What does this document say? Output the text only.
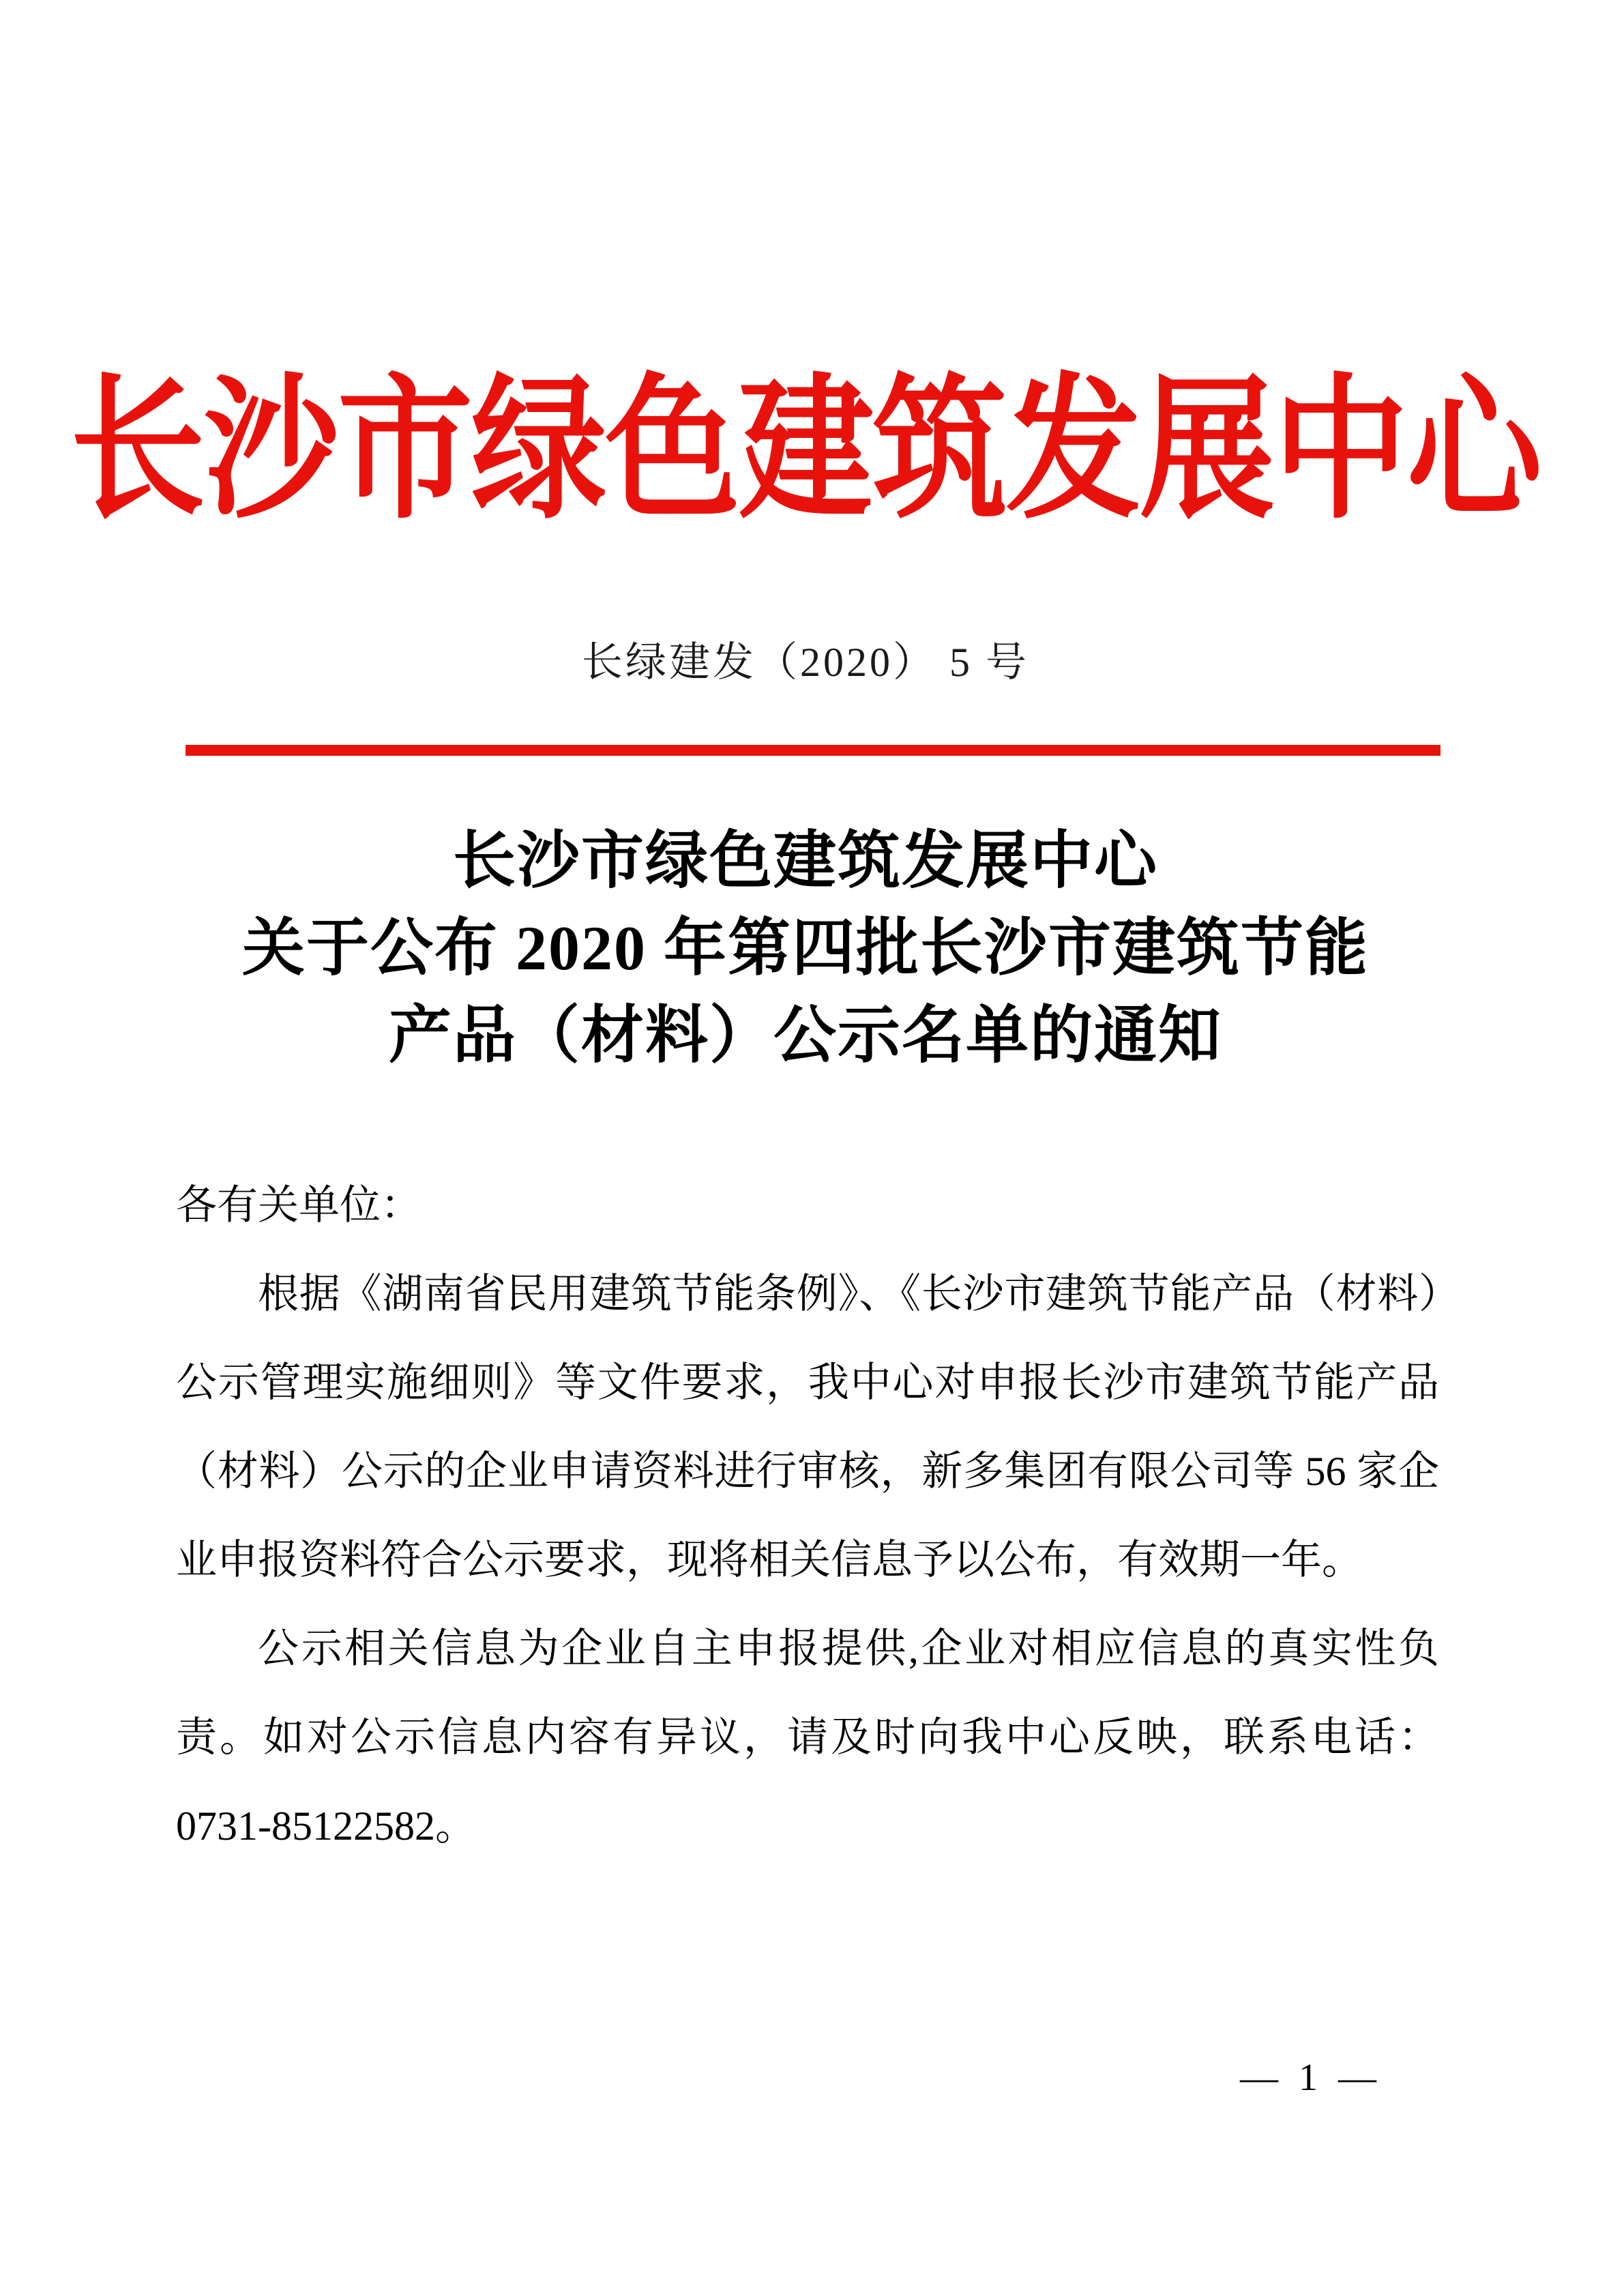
长沙市绿色建筑发展中心
长绿建发（2020） 5 号
长沙市绿色建筑发展中心
关于公布 2020 年第四批长沙市建筑节能
产品（材料）公示名单的通知

各有关单位：

根据《湖南省民用建筑节能条例》、《长沙市建筑节能产品（材料）公示管理实施细则》等文件要求，我中心对申报长沙市建筑节能产品（材料）公示的企业申请资料进行审核，新多集团有限公司等 56 家企业申报资料符合公示要求，现将相关信息予以公布，有效期一年。

公示相关信息为企业自主申报提供,企业对相应信息的真实性负责。如对公示信息内容有异议，请及时向我中心反映，联系电话：0731-85122582。

— 1 —
